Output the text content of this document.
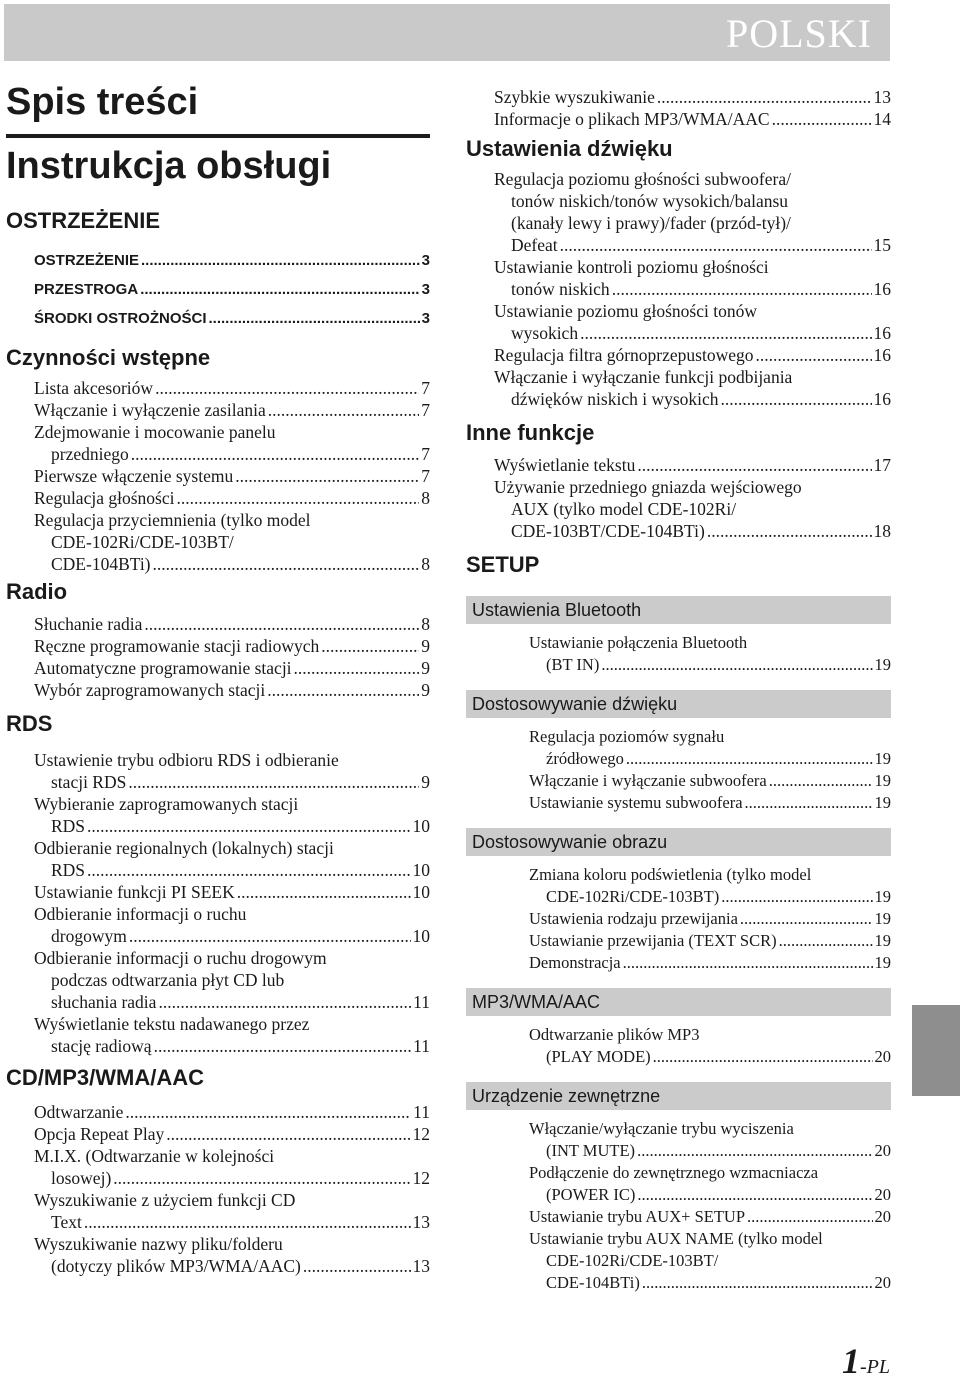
POLSKI
1-PL
Spis treści
Instrukcja obsługi
OSTRZEŻENIE
OSTRZEŻENIE .....	3
PRZESTROGA .....	3
ŚRODKI OSTROŻNOŚCI .....	3
Czynności wstępne
Lista akcesoriów .....	7
Włączanie i wyłączenie zasilania .....	7
Zdejmowanie i mocowanie panelu
przedniego .....	7
Pierwsze włączenie systemu .....	7
Regulacja głośności .....	8
Regulacja przyciemnienia (tylko model
CDE-102Ri/CDE-103BT/
CDE-104BTi) .....	8
Radio
Słuchanie radia .....	8
Ręczne programowanie stacji radiowych .....	9
Automatyczne programowanie stacji .....	9
Wybór zaprogramowanych stacji .....	9
RDS
Ustawienie trybu odbioru RDS i odbieranie
stacji RDS .....	9
Wybieranie zaprogramowanych stacji
RDS .....	10
Odbieranie regionalnych (lokalnych) stacji
RDS .....	10
Ustawianie funkcji PI SEEK .....	10
Odbieranie informacji o ruchu
drogowym .....	10
Odbieranie informacji o ruchu drogowym
podczas odtwarzania płyt CD lub
słuchania radia .....	11
Wyświetlanie tekstu nadawanego przez
stację radiową .....	11
CD/MP3/WMA/AAC
Odtwarzanie .....	11
Opcja Repeat Play .....	12
M.I.X. (Odtwarzanie w kolejności
losowej) .....	12
Wyszukiwanie z użyciem funkcji CD
Text .....	13
Wyszukiwanie nazwy pliku/folderu
(dotyczy plików MP3/WMA/AAC) .....	13
Szybkie wyszukiwanie .....	13
Informacje o plikach MP3/WMA/AAC .....	14
Ustawienia dźwięku
Regulacja poziomu głośności subwoofera/
tonów niskich/tonów wysokich/balansu
(kanały lewy i prawy)/fader (przód-tył)/
Defeat .....	15
Ustawianie kontroli poziomu głośności
tonów niskich .....	16
Ustawianie poziomu głośności tonów
wysokich .....	16
Regulacja filtra górnoprzepustowego .....	16
Włączanie i wyłączanie funkcji podbijania
dźwięków niskich i wysokich .....	16
Inne funkcje
Wyświetlanie tekstu .....	17
Używanie przedniego gniazda wejściowego
AUX (tylko model CDE-102Ri/
CDE-103BT/CDE-104BTi) .....	18
SETUP
Ustawienia Bluetooth
Ustawianie połączenia Bluetooth
(BT IN) .....	19
Dostosowywanie dźwięku
Regulacja poziomów sygnału
źródłowego .....	19
Włączanie i wyłączanie subwoofera .....	19
Ustawianie systemu subwoofera .....	19
Dostosowywanie obrazu
Zmiana koloru podświetlenia (tylko model
CDE-102Ri/CDE-103BT) .....	19
Ustawienia rodzaju przewijania .....	19
Ustawianie przewijania (TEXT SCR) .....	19
Demonstracja .....	19
MP3/WMA/AAC
Odtwarzanie plików MP3
(PLAY MODE) .....	20
Urządzenie zewnętrzne
Włączanie/wyłączanie trybu wyciszenia
(INT MUTE) .....	20
Podłączenie do zewnętrznego wzmacniacza
(POWER IC) .....	20
Ustawianie trybu AUX+ SETUP .....	20
Ustawianie trybu AUX NAME (tylko model
CDE-102Ri/CDE-103BT/
CDE-104BTi) .....	20
